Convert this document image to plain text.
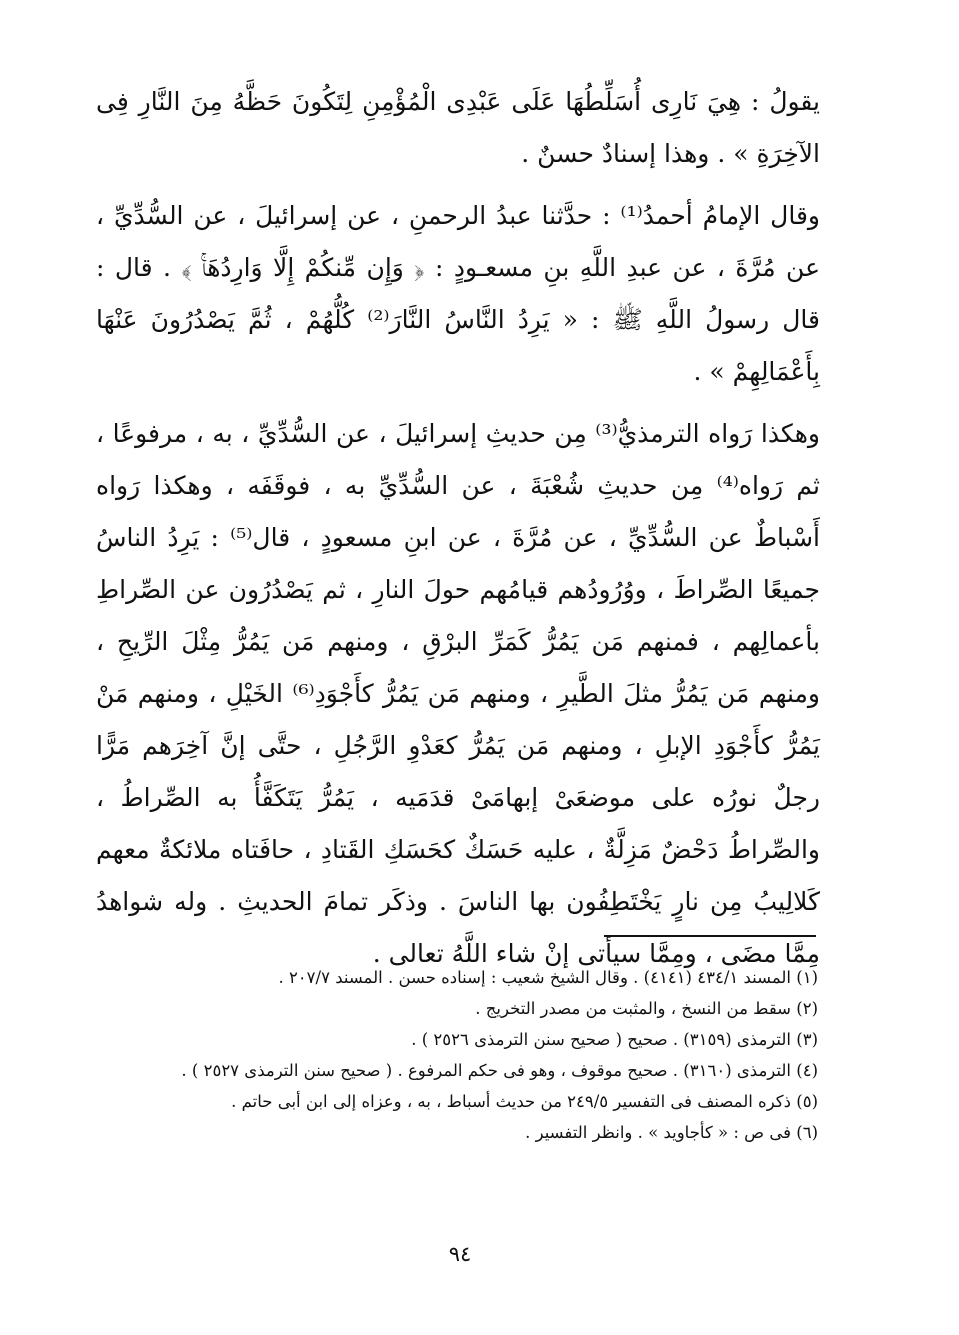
يقولُ : هِيَ نَارِى أُسَلِّطُهَا عَلَى عَبْدِى الْمُؤْمِنِ لِتَكُونَ حَظَّهُ مِنَ النَّارِ فِى الآخِرَةِ » . وهذا إسنادٌ حسنٌ .

وقال الإمامُ أحمدُ⁽¹⁾ : حدَّثنا عبدُ الرحمنِ ، عن إسرائيلَ ، عن السُّدِّيِّ ، عن مُرَّةَ ، عن عبدِ اللَّهِ بنِ مسعـودٍ : ﴿ وَإِن مِّنكُمْ إِلَّا وَارِدُهَاۚ ﴾ . قال : قال رسولُ اللَّهِ ﷺ : « يَرِدُ النَّاسُ النَّارَ⁽²⁾ كُلُّهُمْ ، ثُمَّ يَصْدُرُونَ عَنْهَا بِأَعْمَالِهِمْ » .

وهكذا رَواه الترمذيُّ⁽³⁾ مِن حديثِ إسرائيلَ ، عن السُّدِّيِّ ، به ، مرفوعًا ، ثم رَواه⁽⁴⁾ مِن حديثِ شُعْبَةَ ، عن السُّدِّيِّ به ، فوقَفَه ، وهكذا رَواه أَسْباطٌ عن السُّدِّيِّ ، عن مُرَّةَ ، عن ابنِ مسعودٍ ، قال⁽⁵⁾ : يَرِدُ الناسُ جميعًا الصِّراطَ ، ووُرُودُهم قيامُهم حولَ النارِ ، ثم يَصْدُرُون عن الصِّراطِ بأعمالِهم ، فمنهم مَن يَمُرُّ كَمَرِّ البرْقِ ، ومنهم مَن يَمُرُّ مِثْلَ الرِّيحِ ، ومنهم مَن يَمُرُّ مثلَ الطَّيرِ ، ومنهم مَن يَمُرُّ كأَجْوَدِ⁽⁶⁾ الخَيْلِ ، ومنهم مَنْ يَمُرُّ كأَجْوَدِ الإبلِ ، ومنهم مَن يَمُرُّ كعَدْوِ الرَّجُلِ ، حتَّى إنَّ آخِرَهم مَرًّا رجلٌ نورُه على موضعَىْ إبهامَىْ قدَمَيه ، يَمُرُّ يَتَكَفَّأُ به الصِّراطُ ، والصِّراطُ دَحْضٌ مَزِلَّةٌ ، عليه حَسَكٌ كحَسَكِ القَتادِ ، حافَتاه ملائكةٌ معهم كَلالِيبُ مِن نارٍ يَخْتَطِفُون بها الناسَ . وذكَر تمامَ الحديثِ . وله شواهدُ مِمَّا مضَى ، ومِمَّا سيأتى إنْ شاء اللَّهُ تعالى .

(١) المسند ٤٣٤/١ (٤١٤١) . وقال الشيخ شعيب : إسناده حسن . المسند ٢٠٧/٧ .

(٢) سقط من النسخ ، والمثبت من مصدر التخريج .

(٣) الترمذى (٣١٥٩) . صحيح ( صحيح سنن الترمذى ٢٥٢٦ ) .

(٤) الترمذى (٣١٦٠) . صحيح موقوف ، وهو فى حكم المرفوع . ( صحيح سنن الترمذى ٢٥٢٧ ) .

(٥) ذكره المصنف فى التفسير ٢٤٩/٥ من حديث أسباط ، به ، وعزاه إلى ابن أبى حاتم .

(٦) فى ص : « كأجاويد » . وانظر التفسير .

٩٤
